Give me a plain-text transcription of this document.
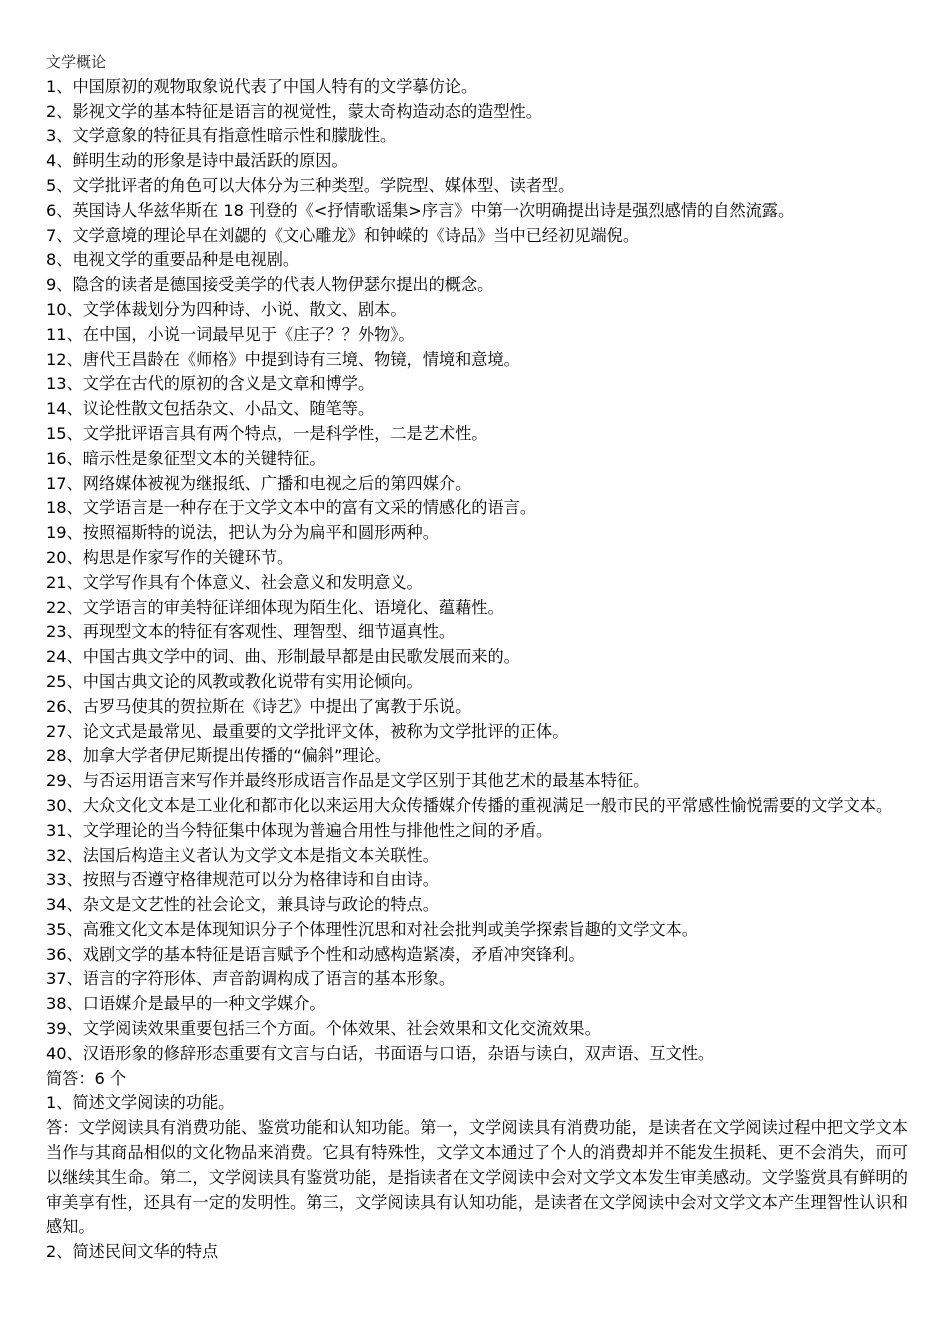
文学概论
1、中国原初的观物取象说代表了中国人特有的文学摹仿论。
2、影视文学的基本特征是语言的视觉性，蒙太奇构造动态的造型性。
3、文学意象的特征具有指意性暗示性和朦胧性。
4、鲜明生动的形象是诗中最活跃的原因。
5、文学批评者的角色可以大体分为三种类型。学院型、媒体型、读者型。
6、英国诗人华兹华斯在 18 刊登的《<抒情歌谣集>序言》中第一次明确提出诗是强烈感情的自然流露。
7、文学意境的理论早在刘勰的《文心雕龙》和钟嵘的《诗品》当中已经初见端倪。
8、电视文学的重要品种是电视剧。
9、隐含的读者是德国接受美学的代表人物伊瑟尔提出的概念。
10、文学体裁划分为四种诗、小说、散文、剧本。
11、在中国，小说一词最早见于《庄子？？外物》。
12、唐代王昌龄在《师格》中提到诗有三境、物镜，情境和意境。
13、文学在古代的原初的含义是文章和博学。
14、议论性散文包括杂文、小品文、随笔等。
15、文学批评语言具有两个特点，一是科学性，二是艺术性。
16、暗示性是象征型文本的关键特征。
17、网络媒体被视为继报纸、广播和电视之后的第四媒介。
18、文学语言是一种存在于文学文本中的富有文采的情感化的语言。
19、按照福斯特的说法，把认为分为扁平和圆形两种。
20、构思是作家写作的关键环节。
21、文学写作具有个体意义、社会意义和发明意义。
22、文学语言的审美特征详细体现为陌生化、语境化、蕴藉性。
23、再现型文本的特征有客观性、理智型、细节逼真性。
24、中国古典文学中的词、曲、形制最早都是由民歌发展而来的。
25、中国古典文论的风教或教化说带有实用论倾向。
26、古罗马使其的贺拉斯在《诗艺》中提出了寓教于乐说。
27、论文式是最常见、最重要的文学批评文体，被称为文学批评的正体。
28、加拿大学者伊尼斯提出传播的“偏斜”理论。
29、与否运用语言来写作并最终形成语言作品是文学区别于其他艺术的最基本特征。
30、大众文化文本是工业化和都市化以来运用大众传播媒介传播的重视满足一般市民的平常感性愉悦需要的文学文本。
31、文学理论的当今特征集中体现为普遍合用性与排他性之间的矛盾。
32、法国后构造主义者认为文学文本是指文本关联性。
33、按照与否遵守格律规范可以分为格律诗和自由诗。
34、杂文是文艺性的社会论文，兼具诗与政论的特点。
35、高雅文化文本是体现知识分子个体理性沉思和对社会批判或美学探索旨趣的文学文本。
36、戏剧文学的基本特征是语言赋予个性和动感构造紧凑，矛盾冲突锋利。
37、语言的字符形体、声音韵调构成了语言的基本形象。
38、口语媒介是最早的一种文学媒介。
39、文学阅读效果重要包括三个方面。个体效果、社会效果和文化交流效果。
40、汉语形象的修辞形态重要有文言与白话，书面语与口语，杂语与读白，双声语、互文性。
简答：6 个
1、简述文学阅读的功能。
答：文学阅读具有消费功能、鉴赏功能和认知功能。第一，文学阅读具有消费功能，是读者在文学阅读过程中把文学文本当作与其商品相似的文化物品来消费。它具有特殊性，文学文本通过了个人的消费却并不能发生损耗、更不会消失，而可以继续其生命。第二，文学阅读具有鉴赏功能，是指读者在文学阅读中会对文学文本发生审美感动。文学鉴赏具有鲜明的审美享有性，还具有一定的发明性。第三，文学阅读具有认知功能，是读者在文学阅读中会对文学文本产生理智性认识和感知。
2、简述民间文华的特点
